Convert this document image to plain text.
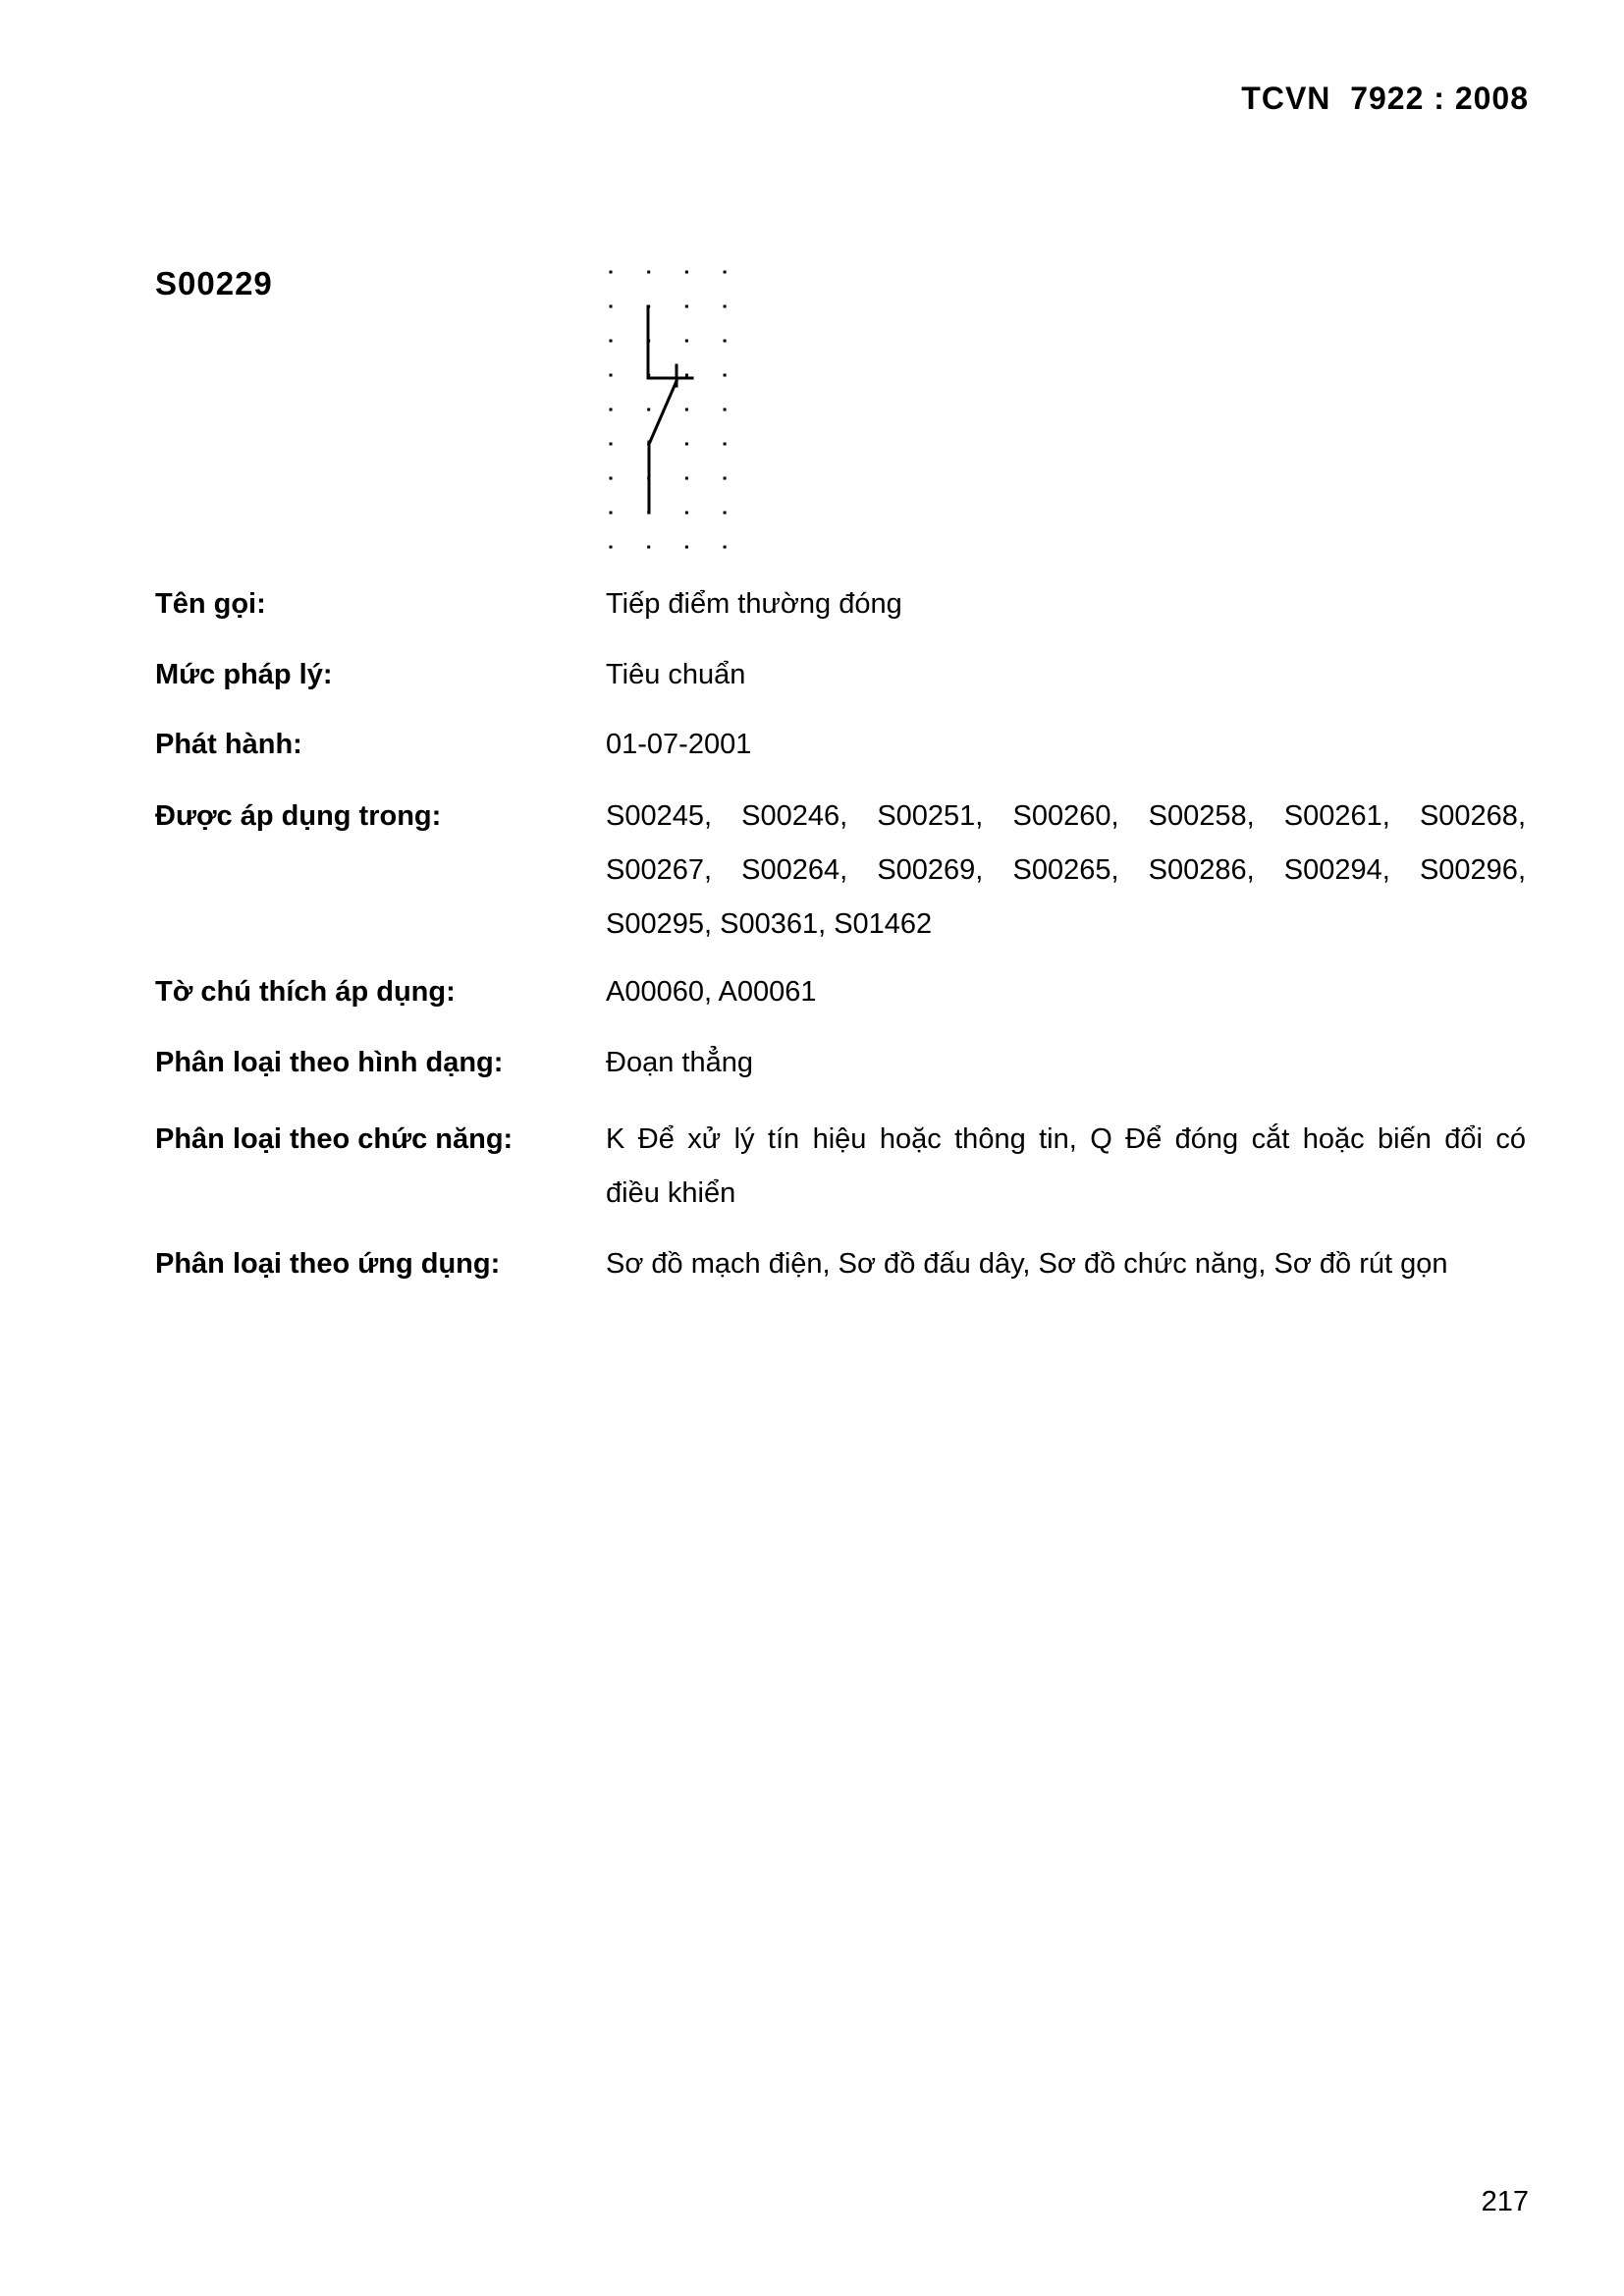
TCVN  7922 : 2008
S00229
Tên gọi:	Tiếp điểm thường đóng
Mức pháp lý:	Tiêu chuẩn
Phát hành:	01-07-2001
Được áp dụng trong:	S00245, S00246, S00251, S00260, S00258, S00261, S00268,
S00267, S00264, S00269, S00265, S00286, S00294, S00296,
S00295, S00361, S01462
Tờ chú thích áp dụng:	A00060, A00061
Phân loại theo hình dạng:	Đoạn thẳng
Phân loại theo chức năng:	K Để xử lý tín hiệu hoặc thông tin, Q Để đóng cắt hoặc biến đổi có
điều khiển
Phân loại theo ứng dụng:	Sơ đồ mạch điện, Sơ đồ đấu dây, Sơ đồ chức năng, Sơ đồ rút gọn
217
